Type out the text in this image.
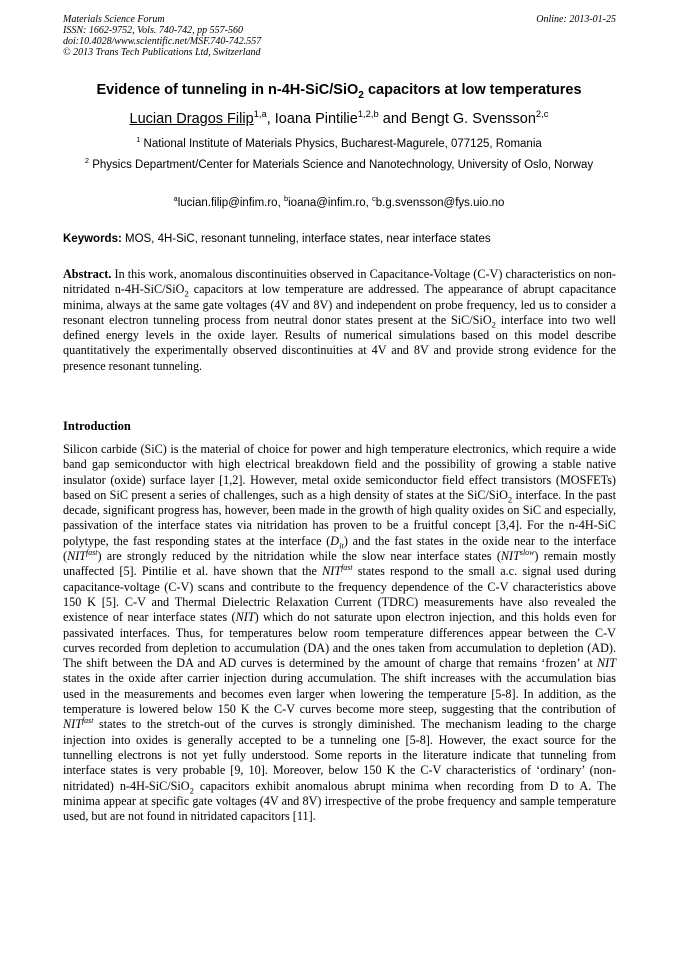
Materials Science Forum
ISSN: 1662-9752, Vols. 740-742, pp 557-560
doi:10.4028/www.scientific.net/MSF.740-742.557
© 2013 Trans Tech Publications Ltd, Switzerland
Online: 2013-01-25
Evidence of tunneling in n-4H-SiC/SiO$_2$ capacitors at low temperatures
Lucian Dragos Filip$^{1,a}$, Ioana Pintilie$^{1,2,b}$ and Bengt G. Svensson$^{2,c}$
$^1$ National Institute of Materials Physics, Bucharest-Magurele, 077125, Romania
$^2$ Physics Department/Center for Materials Science and Nanotechnology, University of Oslo, Norway
$^a$lucian.filip@infim.ro, $^b$ioana@infim.ro, $^c$b.g.svensson@fys.uio.no
Keywords: MOS, 4H-SiC, resonant tunneling, interface states, near interface states
Abstract. In this work, anomalous discontinuities observed in Capacitance-Voltage (C-V) characteristics on non-nitridated n-4H-SiC/SiO$_2$ capacitors at low temperature are addressed. The appearance of abrupt capacitance minima, always at the same gate voltages (4V and 8V) and independent on probe frequency, led us to consider a resonant electron tunneling process from neutral donor states present at the SiC/SiO$_2$ interface into two well defined energy levels in the oxide layer. Results of numerical simulations based on this model describe quantitatively the experimentally observed discontinuities at 4V and 8V and provide strong evidence for the presence resonant tunneling.
Introduction
Silicon carbide (SiC) is the material of choice for power and high temperature electronics, which require a wide band gap semiconductor with high electrical breakdown field and the possibility of growing a stable native insulator (oxide) surface layer [1,2]. However, metal oxide semiconductor field effect transistors (MOSFETs) based on SiC present a series of challenges, such as a high density of states at the SiC/SiO$_2$ interface. In the past decade, significant progress has, however, been made in the growth of high quality oxides on SiC and especially, passivation of the interface states via nitridation has proven to be a fruitful concept [3,4]. For the n-4H-SiC polytype, the fast responding states at the interface $(D_{it})$ and the fast states in the oxide near to the interface $(NIT^{fast})$ are strongly reduced by the nitridation while the slow near interface states $(NIT^{slow})$ remain mostly unaffected [5]. Pintilie et al. have shown that the $NIT^{fast}$ states respond to the small a.c. signal used during capacitance-voltage (C-V) scans and contribute to the frequency dependence of the C-V characteristics above 150 K [5]. C-V and Thermal Dielectric Relaxation Current (TDRC) measurements have also revealed the existence of near interface states (NIT) which do not saturate upon electron injection, and this holds even for passivated interfaces. Thus, for temperatures below room temperature differences appear between the C-V curves recorded from depletion to accumulation (DA) and the ones taken from accumulation to depletion (AD). The shift between the DA and AD curves is determined by the amount of charge that remains ‘frozen’ at NIT states in the oxide after carrier injection during accumulation. The shift increases with the accumulation bias used in the measurements and becomes even larger when lowering the temperature [5-8]. In addition, as the temperature is lowered below 150 K the C-V curves become more steep, suggesting that the contribution of $NIT^{fast}$ states to the stretch-out of the curves is strongly diminished. The mechanism leading to the charge injection into oxides is generally accepted to be a tunneling one [5-8]. However, the exact source for the tunnelling electrons is not yet fully understood. Some reports in the literature indicate that tunneling from interface states is very probable [9, 10]. Moreover, below 150 K the C-V characteristics of ‘ordinary’ (non-nitridated) n-4H-SiC/SiO$_2$ capacitors exhibit anomalous abrupt minima when recording from D to A. The minima appear at specific gate voltages (4V and 8V) irrespective of the probe frequency and sample temperature used, but are not found in nitridated capacitors [11].
